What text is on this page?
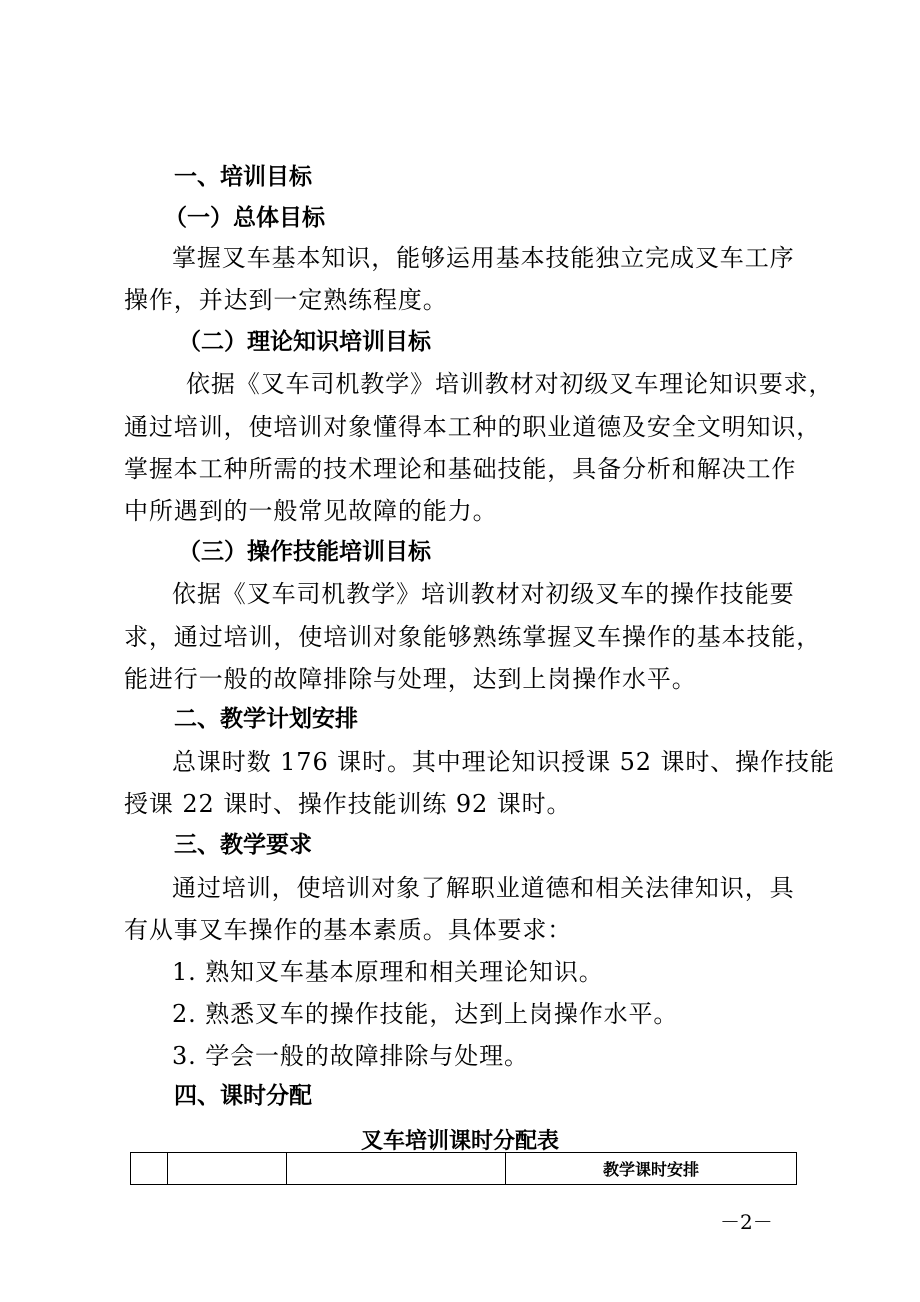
一、培训目标
（一）总体目标
掌握叉车基本知识，能够运用基本技能独立完成叉车工序
操作，并达到一定熟练程度。
（二）理论知识培训目标
依据《叉车司机教学》培训教材对初级叉车理论知识要求，
通过培训，使培训对象懂得本工种的职业道德及安全文明知识，
掌握本工种所需的技术理论和基础技能，具备分析和解决工作
中所遇到的一般常见故障的能力。
（三）操作技能培训目标
依据《叉车司机教学》培训教材对初级叉车的操作技能要
求，通过培训，使培训对象能够熟练掌握叉车操作的基本技能，
能进行一般的故障排除与处理，达到上岗操作水平。
二、教学计划安排
总课时数 176 课时。其中理论知识授课 52 课时、操作技能
授课 22 课时、操作技能训练 92 课时。
三、教学要求
通过培训，使培训对象了解职业道德和相关法律知识，具
有从事叉车操作的基本素质。具体要求：
1. 熟知叉车基本原理和相关理论知识。
2. 熟悉叉车的操作技能，达到上岗操作水平。
3. 学会一般的故障排除与处理。
四、课时分配
叉车培训课时分配表
			教学课时安排
－2－
